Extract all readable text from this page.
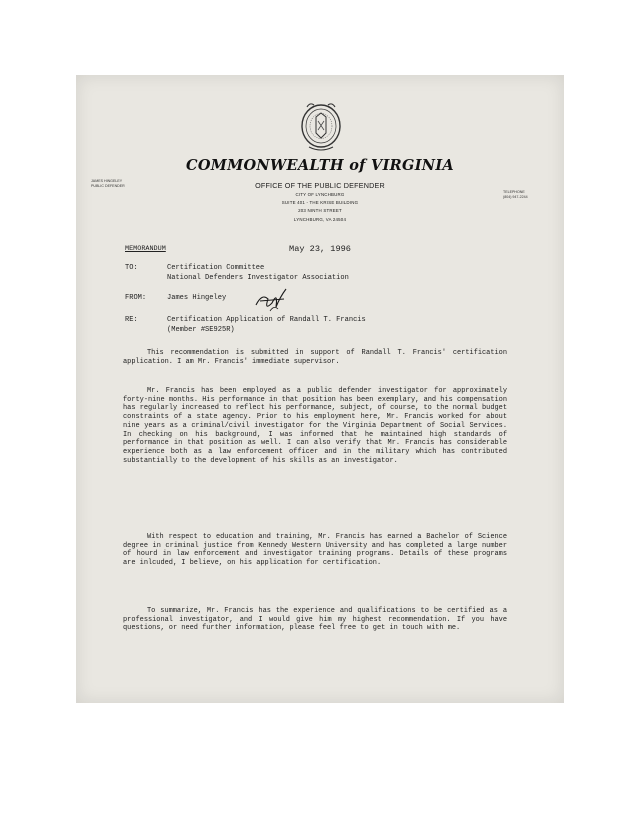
COMMONWEALTH of VIRGINIA
JAMES HINGELEY
PUBLIC DEFENDER
TELEPHONE
(804) 947-2244
OFFICE OF THE PUBLIC DEFENDER
CITY OF LYNCHBURG
SUITE 401 - THE KRISE BUILDING
203 NINTH STREET
LYNCHBURG, VA 24504
May 23, 1996
MEMORANDUM
TO:	Certification Committee
National Defenders Investigator Association
FROM:	James Hingeley
RE:	Certification Application of Randall T. Francis
(Member #SE925R)

This recommendation is submitted in support of Randall T. Francis' certification application. I am Mr. Francis' immediate supervisor.

Mr. Francis has been employed as a public defender investigator for approximately forty-nine months. His performance in that position has been exemplary, and his compensation has regularly increased to reflect his performance, subject, of course, to the normal budget constraints of a state agency. Prior to his employment here, Mr. Francis worked for about nine years as a criminal/civil investigator for the Virginia Department of Social Services. In checking on his background, I was informed that he maintained high standards of performance in that position as well. I can also verify that Mr. Francis has considerable experience both as a law enforcement officer and in the military which has contributed substantially to the development of his skills as an investigator.

With respect to education and training, Mr. Francis has earned a Bachelor of Science degree in criminal justice from Kennedy Western University and has completed a large number of hourd in law enforcement and investigator training programs. Details of these programs are inlcuded, I believe, on his application for certification.

To summarize, Mr. Francis has the experience and qualifications to be certified as a professional investigator, and I would give him my highest recommendation. If you have questions, or need further information, please feel free to get in touch with me.
